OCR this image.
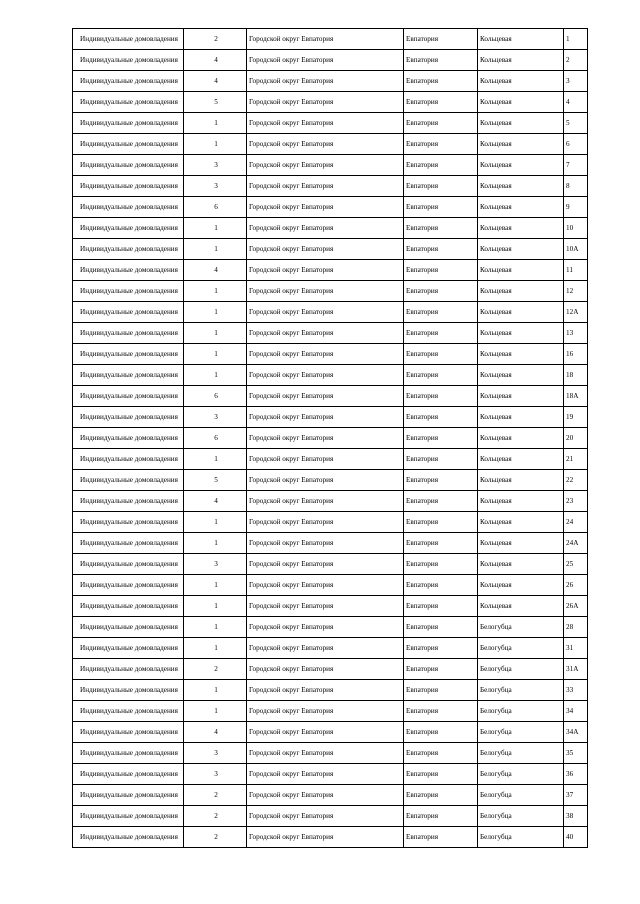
Индивидуальные домовладения	2	Городской округ Евпатория	Евпатория	Кольцевая	1
Индивидуальные домовладения	4	Городской округ Евпатория	Евпатория	Кольцевая	2
Индивидуальные домовладения	4	Городской округ Евпатория	Евпатория	Кольцевая	3
Индивидуальные домовладения	5	Городской округ Евпатория	Евпатория	Кольцевая	4
Индивидуальные домовладения	1	Городской округ Евпатория	Евпатория	Кольцевая	5
Индивидуальные домовладения	1	Городской округ Евпатория	Евпатория	Кольцевая	6
Индивидуальные домовладения	3	Городской округ Евпатория	Евпатория	Кольцевая	7
Индивидуальные домовладения	3	Городской округ Евпатория	Евпатория	Кольцевая	8
Индивидуальные домовладения	6	Городской округ Евпатория	Евпатория	Кольцевая	9
Индивидуальные домовладения	1	Городской округ Евпатория	Евпатория	Кольцевая	10
Индивидуальные домовладения	1	Городской округ Евпатория	Евпатория	Кольцевая	10А
Индивидуальные домовладения	4	Городской округ Евпатория	Евпатория	Кольцевая	11
Индивидуальные домовладения	1	Городской округ Евпатория	Евпатория	Кольцевая	12
Индивидуальные домовладения	1	Городской округ Евпатория	Евпатория	Кольцевая	12А
Индивидуальные домовладения	1	Городской округ Евпатория	Евпатория	Кольцевая	13
Индивидуальные домовладения	1	Городской округ Евпатория	Евпатория	Кольцевая	16
Индивидуальные домовладения	1	Городской округ Евпатория	Евпатория	Кольцевая	18
Индивидуальные домовладения	6	Городской округ Евпатория	Евпатория	Кольцевая	18А
Индивидуальные домовладения	3	Городской округ Евпатория	Евпатория	Кольцевая	19
Индивидуальные домовладения	6	Городской округ Евпатория	Евпатория	Кольцевая	20
Индивидуальные домовладения	1	Городской округ Евпатория	Евпатория	Кольцевая	21
Индивидуальные домовладения	5	Городской округ Евпатория	Евпатория	Кольцевая	22
Индивидуальные домовладения	4	Городской округ Евпатория	Евпатория	Кольцевая	23
Индивидуальные домовладения	1	Городской округ Евпатория	Евпатория	Кольцевая	24
Индивидуальные домовладения	1	Городской округ Евпатория	Евпатория	Кольцевая	24А
Индивидуальные домовладения	3	Городской округ Евпатория	Евпатория	Кольцевая	25
Индивидуальные домовладения	1	Городской округ Евпатория	Евпатория	Кольцевая	26
Индивидуальные домовладения	1	Городской округ Евпатория	Евпатория	Кольцевая	26А
Индивидуальные домовладения	1	Городской округ Евпатория	Евпатория	Белогубца	28
Индивидуальные домовладения	1	Городской округ Евпатория	Евпатория	Белогубца	31
Индивидуальные домовладения	2	Городской округ Евпатория	Евпатория	Белогубца	31А
Индивидуальные домовладения	1	Городской округ Евпатория	Евпатория	Белогубца	33
Индивидуальные домовладения	1	Городской округ Евпатория	Евпатория	Белогубца	34
Индивидуальные домовладения	4	Городской округ Евпатория	Евпатория	Белогубца	34А
Индивидуальные домовладения	3	Городской округ Евпатория	Евпатория	Белогубца	35
Индивидуальные домовладения	3	Городской округ Евпатория	Евпатория	Белогубца	36
Индивидуальные домовладения	2	Городской округ Евпатория	Евпатория	Белогубца	37
Индивидуальные домовладения	2	Городской округ Евпатория	Евпатория	Белогубца	38
Индивидуальные домовладения	2	Городской округ Евпатория	Евпатория	Белогубца	40
